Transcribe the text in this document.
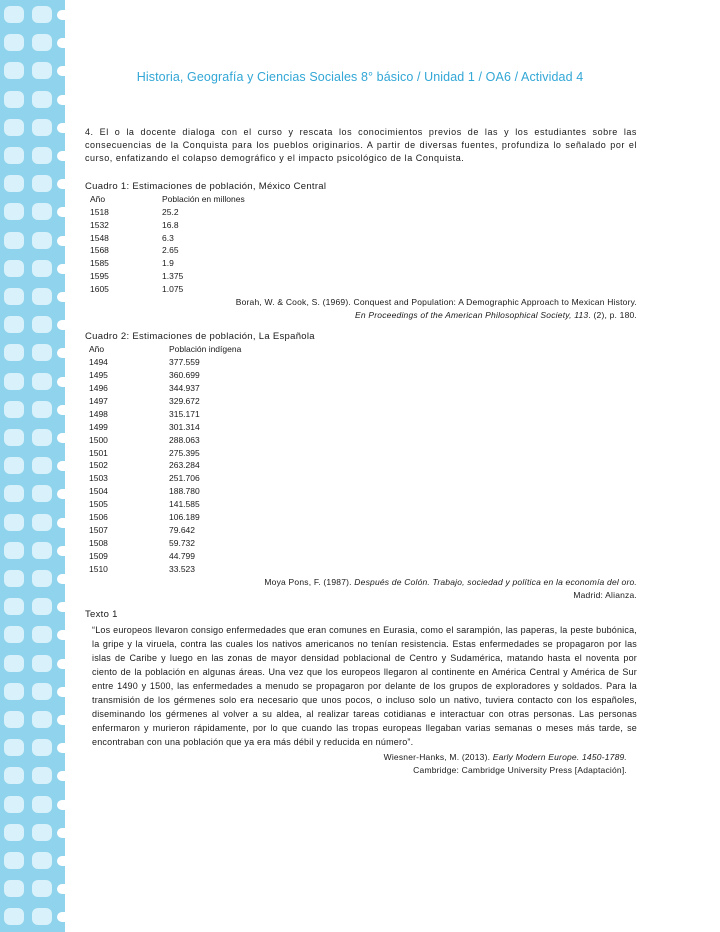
Historia, Geografía y Ciencias Sociales 8° básico / Unidad 1 / OA6 / Actividad 4

4. El o la docente dialoga con el curso y rescata los conocimientos previos de las y los estudiantes sobre las consecuencias de la Conquista para los pueblos originarios. A partir de diversas fuentes, profundiza lo señalado por el curso, enfatizando el colapso demográfico y el impacto psicológico de la Conquista.

Cuadro 1: Estimaciones de población, México Central
Año	Población en millones
1518	25.2
1532	16.8
1548	6.3
1568	2.65
1585	1.9
1595	1.375
1605	1.075
Borah, W. & Cook, S. (1969). Conquest and Population: A Demographic Approach to Mexican History.
En Proceedings of the American Philosophical Society, 113. (2), p. 180.
Cuadro 2: Estimaciones de población, La Española
Año	Población indígena
1494	377.559
1495	360.699
1496	344.937
1497	329.672
1498	315.171
1499	301.314
1500	288.063
1501	275.395
1502	263.284
1503	251.706
1504	188.780
1505	141.585
1506	106.189
1507	79.642
1508	59.732
1509	44.799
1510	33.523
Moya Pons, F. (1987). Después de Colón. Trabajo, sociedad y política en la economía del oro.
Madrid: Alianza.
Texto 1

“Los europeos llevaron consigo enfermedades que eran comunes en Eurasia, como el sarampión, las paperas, la peste bubónica, la gripe y la viruela, contra las cuales los nativos americanos no tenían resistencia. Estas enfermedades se propagaron por las islas de Caribe y luego en las zonas de mayor densidad poblacional de Centro y Sudamérica, matando hasta el noventa por ciento de la población en algunas áreas. Una vez que los europeos llegaron al continente en América Central y América de Sur entre 1490 y 1500, las enfermedades a menudo se propagaron por delante de los grupos de exploradores y soldados. Para la transmisión de los gérmenes solo era necesario que unos pocos, o incluso solo un nativo, tuviera contacto con los españoles, diseminando los gérmenes al volver a su aldea, al realizar tareas cotidianas e interactuar con otras personas. Las personas enfermaron y murieron rápidamente, por lo que cuando las tropas europeas llegaban varias semanas o meses más tarde, se encontraban con una población que ya era más débil y reducida en número”.

Wiesner-Hanks, M. (2013). Early Modern Europe. 1450-1789.
Cambridge: Cambridge University Press [Adaptación].
